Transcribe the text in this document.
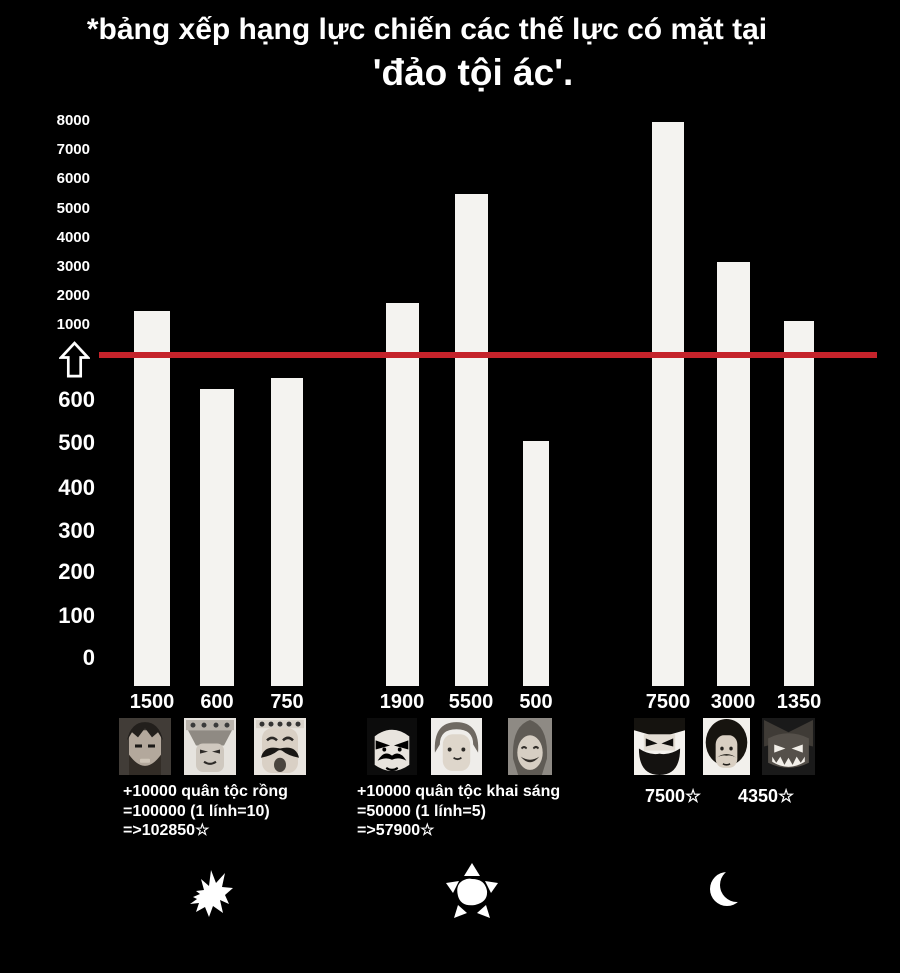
*bảng xếp hạng lực chiến các thế lực có mặt tại
'đảo tội ác'.
8000
7000
6000
5000
4000
3000
2000
1000
600
500
400
300
200
100
0
1500	600	750	1900	5500	500	7500	3000	1350
+10000 quân tộc rồng
=100000 (1 lính=10)
=>102850☆
+10000 quân tộc khai sáng
=50000 (1 lính=5)
=>57900☆
7500☆ 4350☆
